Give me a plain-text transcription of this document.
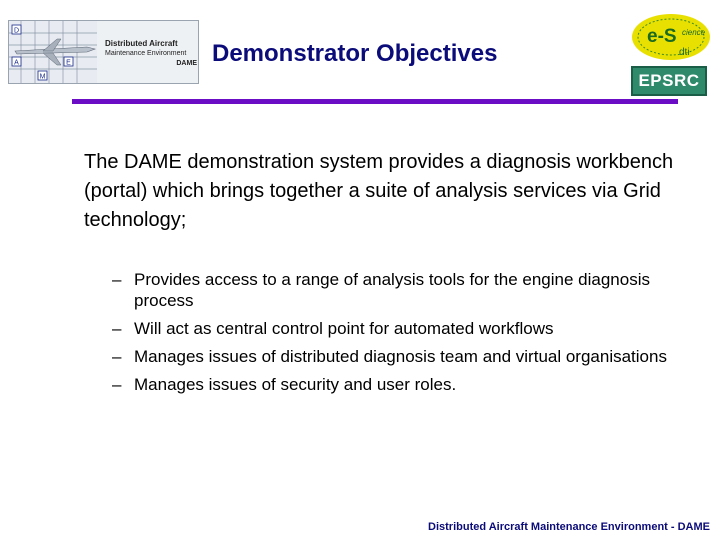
D
A	E
M
Distributed Aircraft
Maintenance Environment
DAME Demonstrator Objectives
e-S cience
dti
EPSRC

The DAME demonstration system provides a diagnosis workbench (portal) which brings together a suite of analysis services via Grid technology;

– Provides access to a range of analysis tools for the engine diagnosis process
– Will act as central control point for automated workflows
– Manages issues of distributed diagnosis team and virtual organisations
– Manages issues of security and user roles.
Distributed Aircraft Maintenance Environment - DAME
